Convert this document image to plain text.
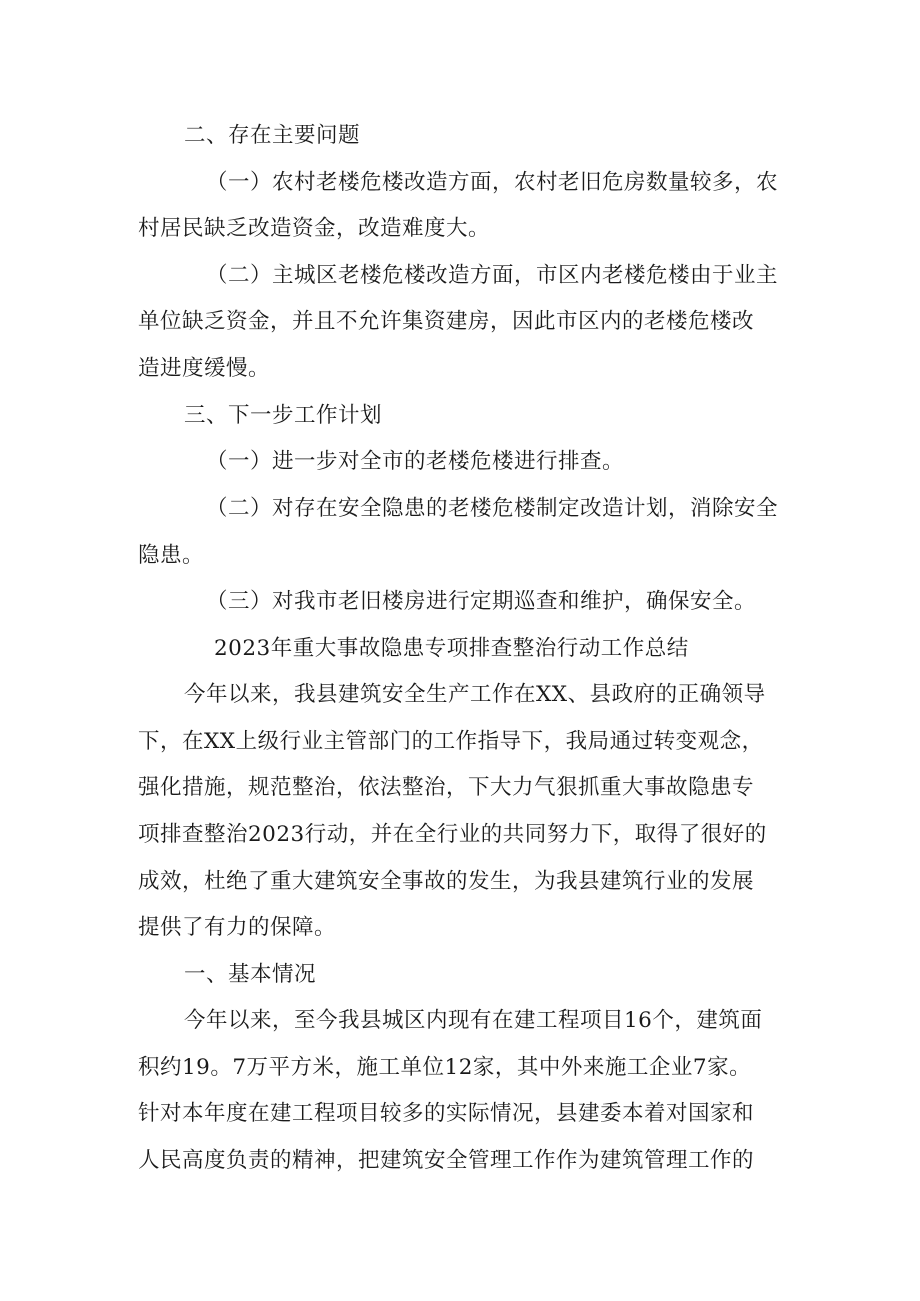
二、存在主要问题
（一）农村老楼危楼改造方面，农村老旧危房数量较多，农
村居民缺乏改造资金，改造难度大。
（二）主城区老楼危楼改造方面，市区内老楼危楼由于业主
单位缺乏资金，并且不允许集资建房，因此市区内的老楼危楼改
造进度缓慢。
三、下一步工作计划
（一）进一步对全市的老楼危楼进行排查。
（二）对存在安全隐患的老楼危楼制定改造计划，消除安全
隐患。
（三）对我市老旧楼房进行定期巡查和维护，确保安全。
2023年重大事故隐患专项排查整治行动工作总结
今年以来，我县建筑安全生产工作在XX、县政府的正确领导
下，在XX上级行业主管部门的工作指导下，我局通过转变观念，
强化措施，规范整治，依法整治，下大力气狠抓重大事故隐患专
项排查整治2023行动，并在全行业的共同努力下，取得了很好的
成效，杜绝了重大建筑安全事故的发生，为我县建筑行业的发展
提供了有力的保障。
一、基本情况
今年以来，至今我县城区内现有在建工程项目16个，建筑面
积约19。7万平方米，施工单位12家，其中外来施工企业7家。
针对本年度在建工程项目较多的实际情况，县建委本着对国家和
人民高度负责的精神，把建筑安全管理工作作为建筑管理工作的
